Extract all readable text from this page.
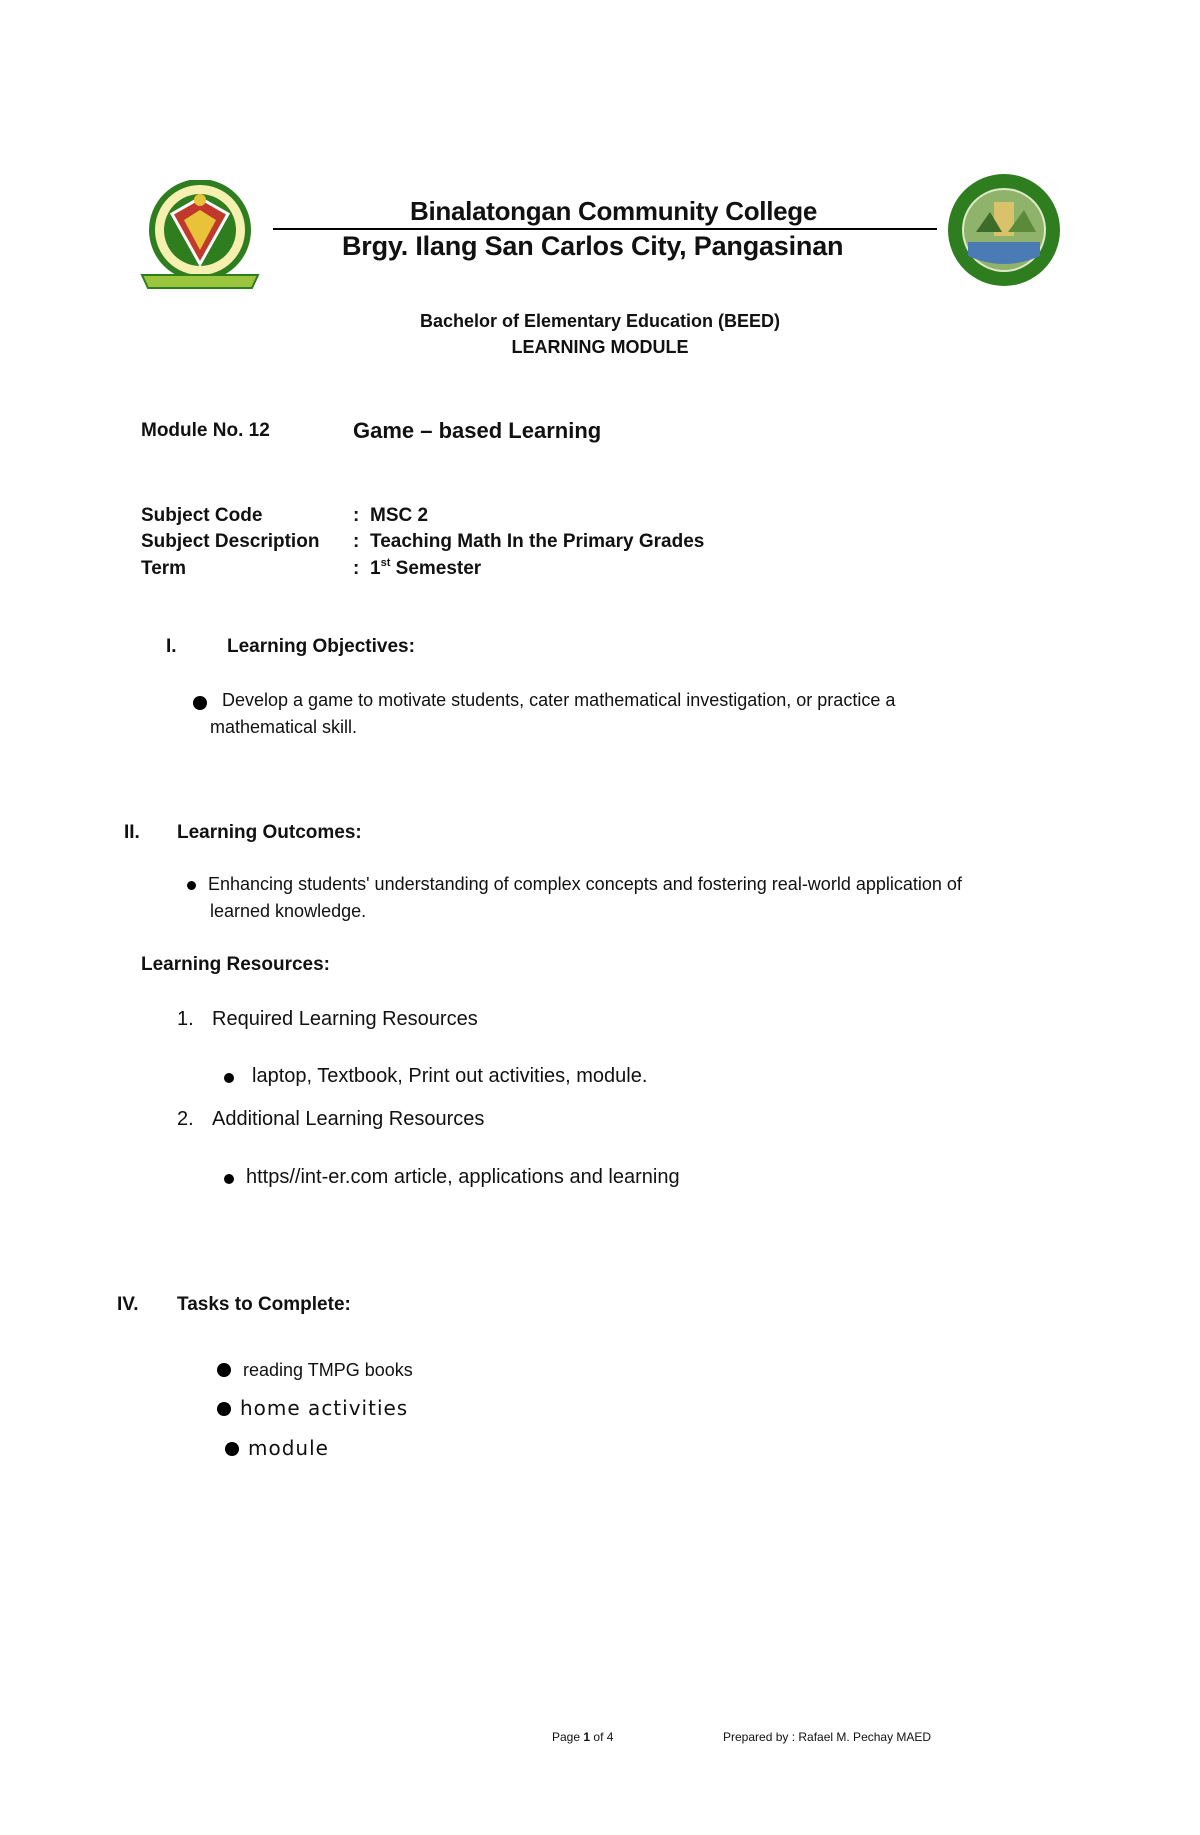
Binalatongan Community College
Brgy. Ilang San Carlos City, Pangasinan
Bachelor of Elementary Education (BEED)
LEARNING MODULE
Module No. 12	Game – based Learning
Subject Code	: MSC 2
Subject Description : Teaching Math In the Primary Grades
Term	: 1st Semester
I.	Learning Objectives:
Develop a game to motivate students, cater mathematical investigation, or practice a
mathematical skill.
II. Learning Outcomes:
Enhancing students' understanding of complex concepts and fostering real-world application of
learned knowledge.
Learning Resources:
1. Required Learning Resources
laptop, Textbook, Print out activities, module.
2. Additional Learning Resources
https//int-er.com article, applications and learning
IV. Tasks to Complete:
reading TMPG books
home activities
module
Page 1 of 4	Prepared by : Rafael M. Pechay MAED
